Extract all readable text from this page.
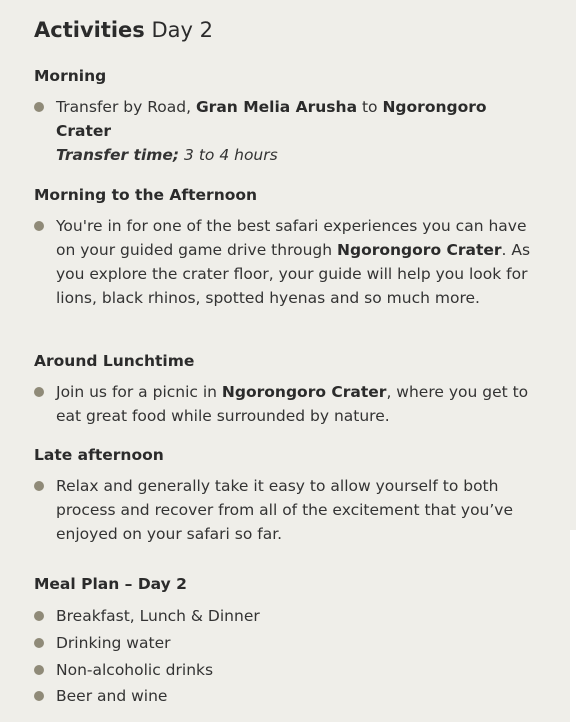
Activities Day 2
Morning
Transfer by Road, Gran Melia Arusha to Ngorongoro Crater
Transfer time; 3 to 4 hours
Morning to the Afternoon
You're in for one of the best safari experiences you can have on your guided game drive through Ngorongoro Crater. As you explore the crater floor, your guide will help you look for lions, black rhinos, spotted hyenas and so much more.
Around Lunchtime
Join us for a picnic in Ngorongoro Crater, where you get to eat great food while surrounded by nature.
Late afternoon
Relax and generally take it easy to allow yourself to both process and recover from all of the excitement that you’ve enjoyed on your safari so far.
Meal Plan – Day 2
Breakfast, Lunch & Dinner
Drinking water
Non-alcoholic drinks
Beer and wine
